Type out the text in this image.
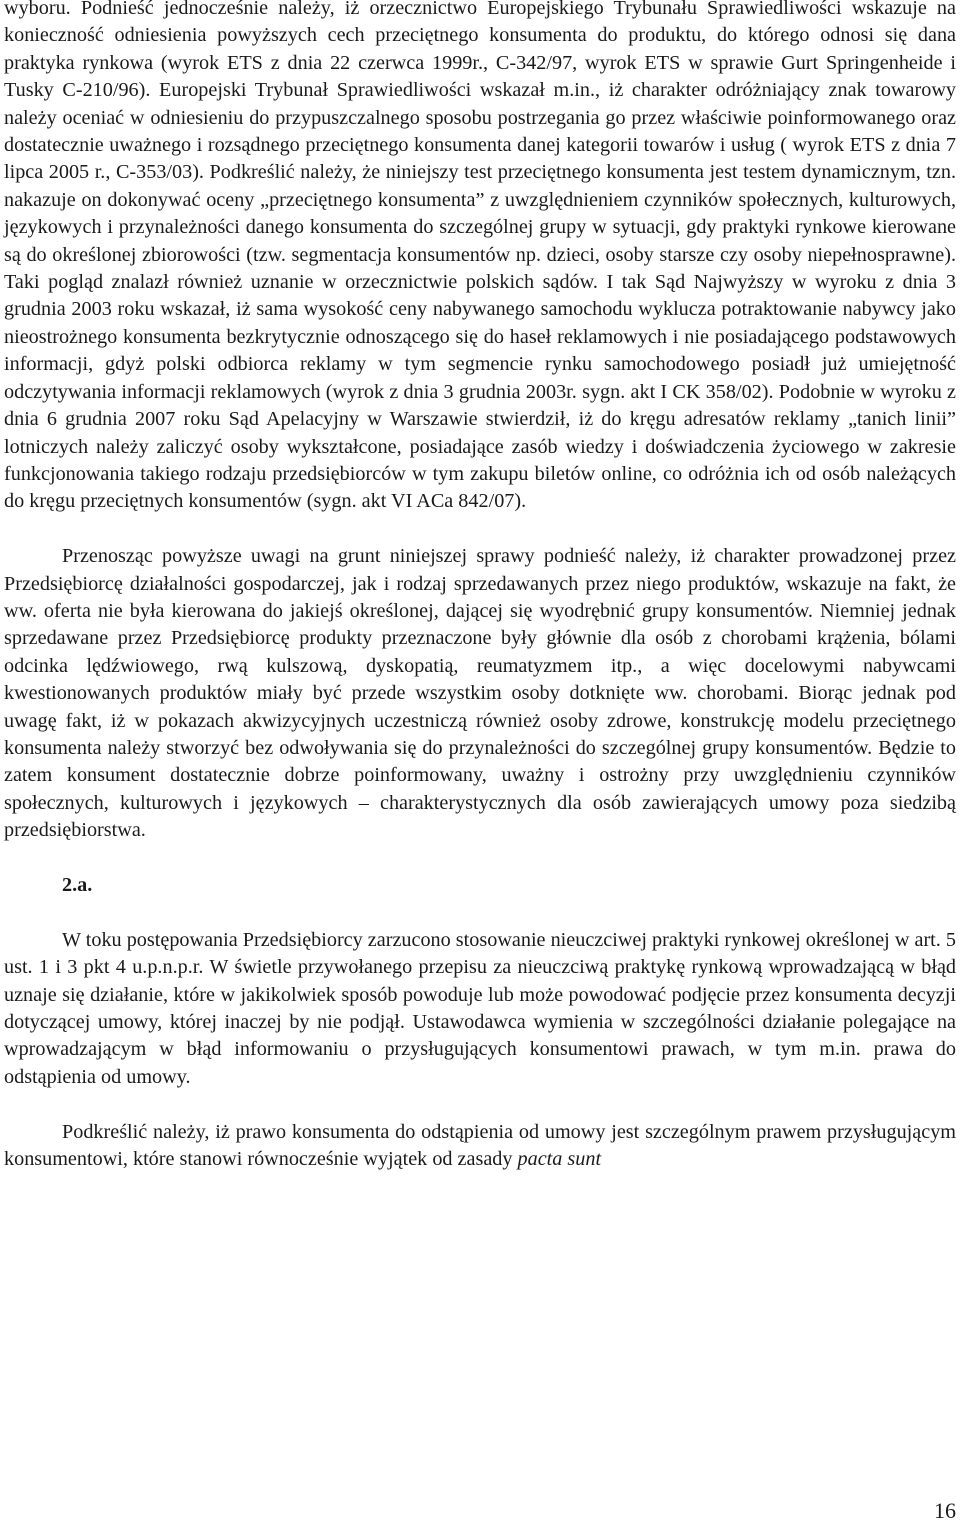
wyboru. Podnieść jednocześnie należy, iż orzecznictwo Europejskiego Trybunału Sprawiedliwości wskazuje na konieczność odniesienia powyższych cech przeciętnego konsumenta do produktu, do którego odnosi się dana praktyka rynkowa (wyrok ETS z dnia 22 czerwca 1999r., C-342/97, wyrok ETS w sprawie Gurt Springenheide i Tusky C-210/96). Europejski Trybunał Sprawiedliwości wskazał m.in., iż charakter odróżniający znak towarowy należy oceniać w odniesieniu do przypuszczalnego sposobu postrzegania go przez właściwie poinformowanego oraz dostatecznie uważnego i rozsądnego przeciętnego konsumenta danej kategorii towarów i usług ( wyrok ETS z dnia 7 lipca 2005 r., C-353/03). Podkreślić należy, że niniejszy test przeciętnego konsumenta jest testem dynamicznym, tzn. nakazuje on dokonywać oceny „przeciętnego konsumenta” z uwzględnieniem czynników społecznych, kulturowych, językowych i przynależności danego konsumenta do szczególnej grupy w sytuacji, gdy praktyki rynkowe kierowane są do określonej zbiorowości (tzw. segmentacja konsumentów np. dzieci, osoby starsze czy osoby niepełnosprawne). Taki pogląd znalazł również uznanie w orzecznictwie polskich sądów. I tak Sąd Najwyższy w wyroku z dnia 3 grudnia 2003 roku wskazał, iż sama wysokość ceny nabywanego samochodu wyklucza potraktowanie nabywcy jako nieostrożnego konsumenta bezkrytycznie odnoszącego się do haseł reklamowych i nie posiadającego podstawowych informacji, gdyż polski odbiorca reklamy w tym segmencie rynku samochodowego posiadł już umiejętność odczytywania informacji reklamowych (wyrok z dnia 3 grudnia 2003r. sygn. akt I CK 358/02). Podobnie w wyroku z dnia 6 grudnia 2007 roku Sąd Apelacyjny w Warszawie stwierdził, iż do kręgu adresatów reklamy „tanich linii” lotniczych należy zaliczyć osoby wykształcone, posiadające zasób wiedzy i doświadczenia życiowego w zakresie funkcjonowania takiego rodzaju przedsiębiorców w tym zakupu biletów online, co odróżnia ich od osób należących do kręgu przeciętnych konsumentów (sygn. akt VI ACa 842/07).

Przenosząc powyższe uwagi na grunt niniejszej sprawy podnieść należy, iż charakter prowadzonej przez Przedsiębiorcę działalności gospodarczej, jak i rodzaj sprzedawanych przez niego produktów, wskazuje na fakt, że ww. oferta nie była kierowana do jakiejś określonej, dającej się wyodrębnić grupy konsumentów. Niemniej jednak sprzedawane przez Przedsiębiorcę produkty przeznaczone były głównie dla osób z chorobami krążenia, bólami odcinka lędźwiowego, rwą kulszową, dyskopatią, reumatyzmem itp., a więc docelowymi nabywcami kwestionowanych produktów miały być przede wszystkim osoby dotknięte ww. chorobami. Biorąc jednak pod uwagę fakt, iż w pokazach akwizycyjnych uczestniczą również osoby zdrowe, konstrukcję modelu przeciętnego konsumenta należy stworzyć bez odwoływania się do przynależności do szczególnej grupy konsumentów. Będzie to zatem konsument dostatecznie dobrze poinformowany, uważny i ostrożny przy uwzględnieniu czynników społecznych, kulturowych i językowych – charakterystycznych dla osób zawierających umowy poza siedzibą przedsiębiorstwa.

2.a.

W toku postępowania Przedsiębiorcy zarzucono stosowanie nieuczciwej praktyki rynkowej określonej w art. 5 ust. 1 i 3 pkt 4 u.p.n.p.r. W świetle przywołanego przepisu za nieuczciwą praktykę rynkową wprowadzającą w błąd uznaje się działanie, które w jakikolwiek sposób powoduje lub może powodować podjęcie przez konsumenta decyzji dotyczącej umowy, której inaczej by nie podjął. Ustawodawca wymienia w szczególności działanie polegające na wprowadzającym w błąd informowaniu o przysługujących konsumentowi prawach, w tym m.in. prawa do odstąpienia od umowy.

Podkreślić należy, iż prawo konsumenta do odstąpienia od umowy jest szczególnym prawem przysługującym konsumentowi, które stanowi równocześnie wyjątek od zasady pacta sunt

16
